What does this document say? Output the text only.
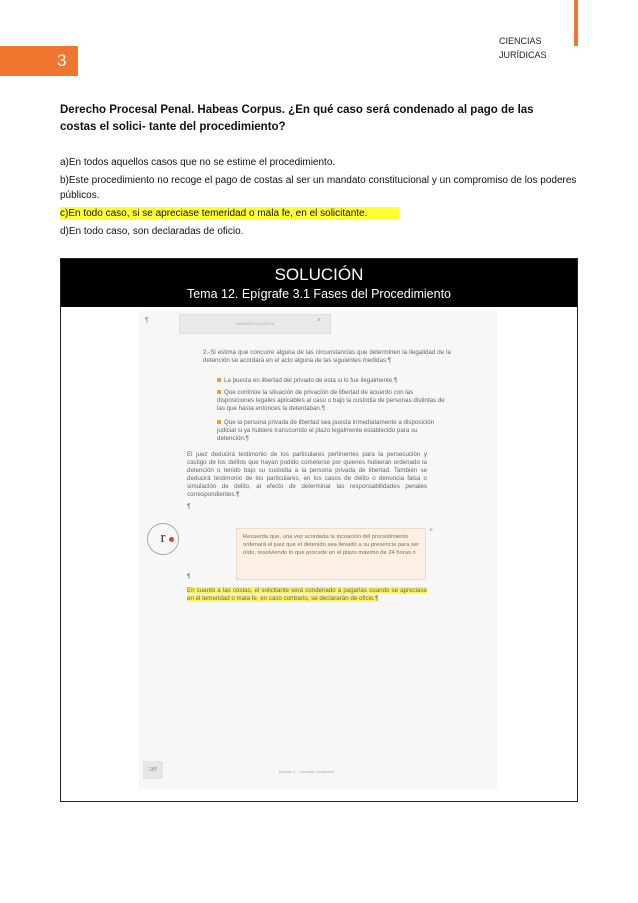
3
CIENCIAS
JURÍDICAS
Derecho Procesal Penal. Habeas Corpus. ¿En qué caso será condenado al pago de las costas el solici- tante del procedimiento?
a)En todos aquellos casos que no se estime el procedimiento.
b)Este procedimiento no recoge el pago de costas al ser un mandato constitucional y un compromiso de los poderes públicos.
c)En todo caso, si se apreciase temeridad o mala fe, en el solicitante.
d)En todo caso, son declaradas de oficio.
SOLUCIÓN
Tema 12. Epígrafe 3.1 Fases del Procedimiento
¶	GRAMÁTICA CÍVICA	×
2.-Si estima que concurre alguna de las circunstancias que determinen la ilegalidad de la detención se acordará en el acto alguna de las siguientes medidas:¶
La puesta en libertad del privado de esta si lo fue ilegalmente.¶
Que continúe la situación de privación de libertad de acuerdo con las disposiciones legales aplicables al caso o bajo la custodia de personas distintas de las que hasta entonces la detentaban.¶
Que la persona privada de libertad sea puesta inmediatamente a disposición judicial si ya hubiere transcurrido el plazo legalmente establecido para su detención.¶
El juez deducirá testimonio de los particulares pertinentes para la persecución y castigo de los delitos que hayan podido cometerse por quienes hubieran ordenado la detención o tenido bajo su custodia a la persona privada de libertad. También se deducirá testimonio de los particulares, en los casos de delito o denuncia falsa o simulación de delito, al efecto de determinar las responsabilidades penales correspondientes.¶
¶
r	Recuerda que, una vez acordada la incoación del procedimiento ordenará el juez que el detenido sea llevado a su presencia para ser oído, resolviendo lo que procede en el plazo máximo de 24 horas.¤
×
¶
En cuanto a las costas, el solicitante será condenado a pagarlas cuando se apreciase en él temeridad o mala fe, en caso contrario, se declararán de oficio.¶
28¶	Módulo 1 - Ciencias Jurídicas®
